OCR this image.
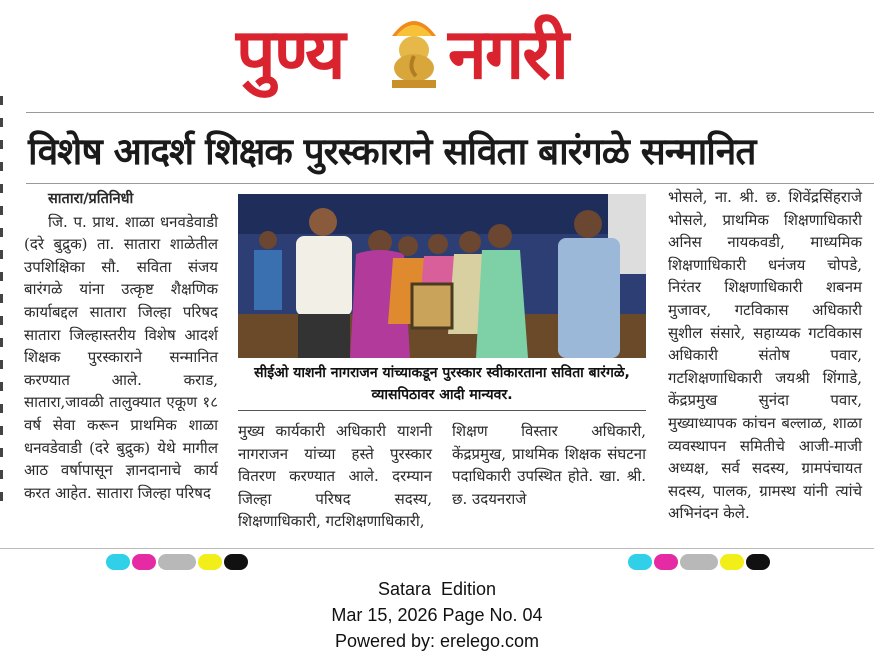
पुण्य नगरी
विशेष आदर्श शिक्षक पुरस्काराने सविता बारंगळे सन्मानित

सातारा/प्रतिनिधी

जि. प. प्राथ. शाळा धनवडेवाडी (दरे बुद्रुक) ता. सातारा शाळेतील उपशिक्षिका सौ. सविता संजय बारंगळे यांना उत्कृष्ट शैक्षणिक कार्याबद्दल सातारा जिल्हा परिषद सातारा जिल्हास्तरीय विशेष आदर्श शिक्षक पुरस्काराने सन्मानित करण्यात आले. कराड, सातारा,जावळी तालुक्यात एकूण १८ वर्ष सेवा करून प्राथमिक शाळा धनवडेवाडी (दरे बुद्रुक) येथे मागील आठ वर्षापासून ज्ञानदानाचे कार्य करत आहेत. सातारा जिल्हा परिषद

सीईओ याशनी नागराजन यांच्याकडून पुरस्कार स्वीकारताना सविता बारंगळे, व्यासपिठावर आदी मान्यवर.

मुख्य कार्यकारी अधिकारी याशनी नागराजन यांच्या हस्ते पुरस्कार वितरण करण्यात आले. दरम्यान जिल्हा परिषद सदस्य, शिक्षणाधिकारी, गटशिक्षणाधिकारी,

शिक्षण विस्तार अधिकारी, केंद्रप्रमुख, प्राथमिक शिक्षक संघटना पदाधिकारी उपस्थित होते. खा. श्री. छ. उदयनराजे

भोसले, ना. श्री. छ. शिवेंद्रसिंहराजे भोसले, प्राथमिक शिक्षणाधिकारी अनिस नायकवडी, माध्यमिक शिक्षणाधिकारी धनंजय चोपडे, निरंतर शिक्षणाधिकारी शबनम मुजावर, गटविकास अधिकारी सुशील संसारे, सहाय्यक गटविकास अधिकारी संतोष पवार, गटशिक्षणाधिकारी जयश्री शिंगाडे, केंद्रप्रमुख सुनंदा पवार, मुख्याध्यापक कांचन बल्लाळ, शाळा व्यवस्थापन समितीचे आजी-माजी अध्यक्ष, सर्व सदस्य, ग्रामपंचायत सदस्य, पालक, ग्रामस्थ यांनी त्यांचे अभिनंदन केले.

Satara  Edition
Mar 15, 2026 Page No. 04
Powered by: erelego.com
